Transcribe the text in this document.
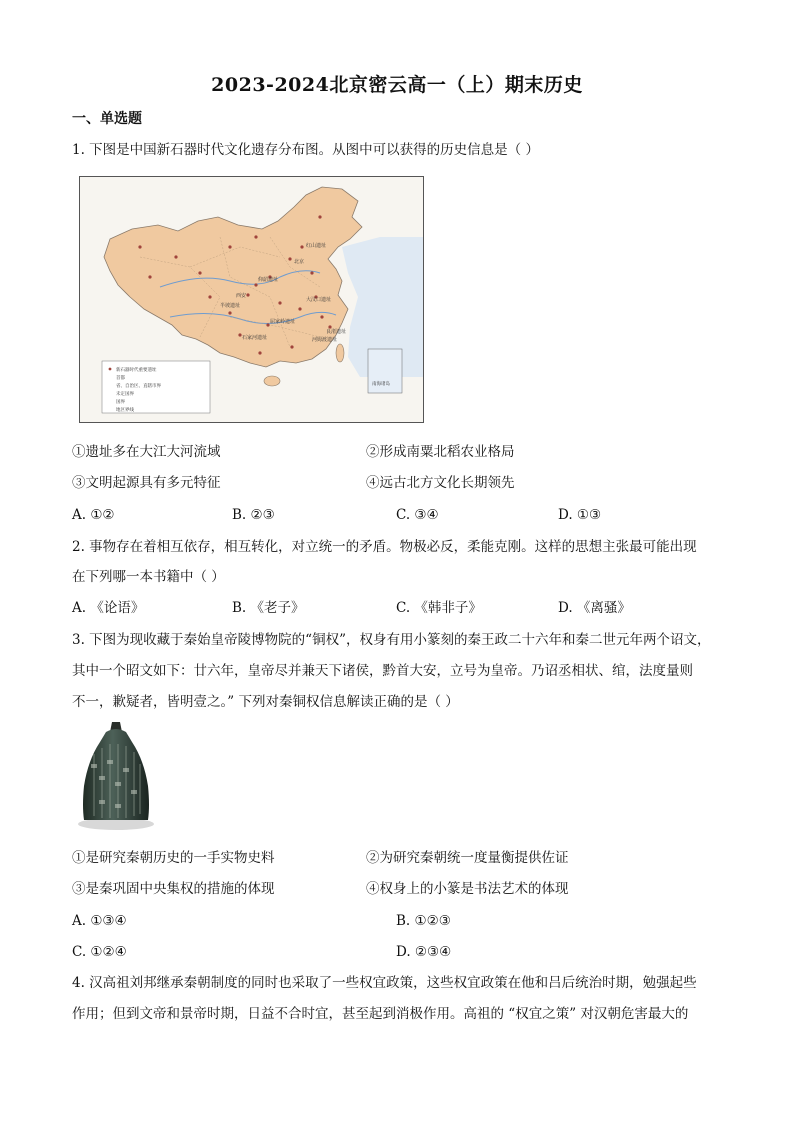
2023-2024北京密云高一（上）期末历史
一、单选题
1. 下图是中国新石器时代文化遗存分布图。从图中可以获得的历史信息是（ ）
红山遗址
大汶口遗址
仰韶遗址
西安
石家河遗址
良渚遗址
河姆渡遗址
北京
半坡遗址
屈家岭遗址
新石器时代重要遗址
首都
省、自治区、直辖市界
未定国界
国界
地区界线
南海诸岛
①遗址多在大江大河流域	②形成南粟北稻农业格局
③文明起源具有多元特征	④远古北方文化长期领先
A. ①②	B. ②③	C. ③④	D. ①③
2. 事物存在着相互依存，相互转化，对立统一的矛盾。物极必反，柔能克刚。这样的思想主张最可能出现
在下列哪一本书籍中（ ）
A. 《论语》	B. 《老子》	C. 《韩非子》	D. 《离骚》
3. 下图为现收藏于秦始皇帝陵博物院的“铜权”，权身有用小篆刻的秦王政二十六年和秦二世元年两个诏文，
其中一个昭文如下：廿六年，皇帝尽并兼天下诸侯，黔首大安，立号为皇帝。乃诏丞相状、绾，法度量则
不一，歉疑者，皆明壹之。” 下列对秦铜权信息解读正确的是（ ）
①是研究秦朝历史的一手实物史料	②为研究秦朝统一度量衡提供佐证
③是秦巩固中央集权的措施的体现	④权身上的小篆是书法艺术的体现
A. ①③④	B. ①②③
C. ①②④	D. ②③④
4. 汉高祖刘邦继承秦朝制度的同时也采取了一些权宜政策，这些权宜政策在他和吕后统治时期，勉强起些
作用；但到文帝和景帝时期，日益不合时宜，甚至起到消极作用。高祖的 “权宜之策” 对汉朝危害最大的
